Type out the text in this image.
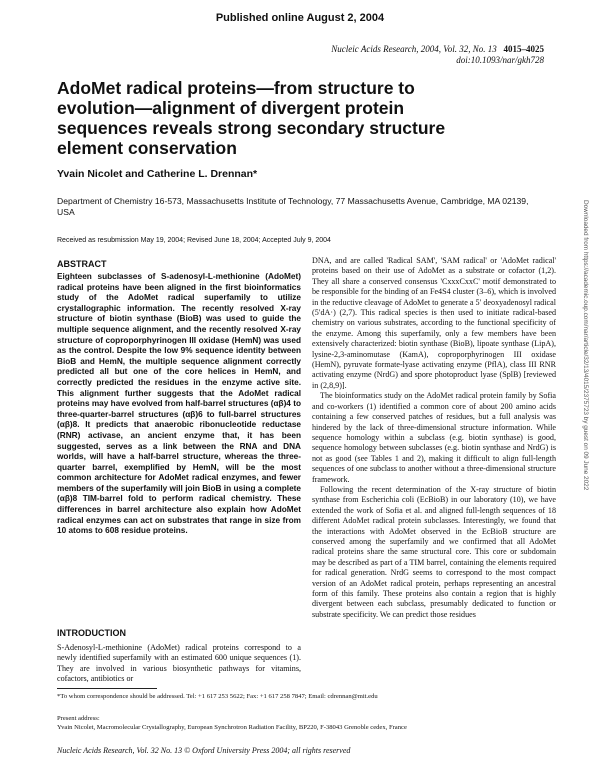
Published online August 2, 2004
Nucleic Acids Research, 2004, Vol. 32, No. 13 4015–4025
doi:10.1093/nar/gkh728
AdoMet radical proteins—from structure to evolution—alignment of divergent protein sequences reveals strong secondary structure element conservation
Yvain Nicolet and Catherine L. Drennan*
Department of Chemistry 16-573, Massachusetts Institute of Technology, 77 Massachusetts Avenue, Cambridge, MA 02139, USA
Received as resubmission May 19, 2004; Revised June 18, 2004; Accepted July 9, 2004
ABSTRACT
Eighteen subclasses of S-adenosyl-L-methionine (AdoMet) radical proteins have been aligned in the first bioinformatics study of the AdoMet radical superfamily to utilize crystallographic information. The recently resolved X-ray structure of biotin synthase (BioB) was used to guide the multiple sequence alignment, and the recently resolved X-ray structure of coproporphyrinogen III oxidase (HemN) was used as the control. Despite the low 9% sequence identity between BioB and HemN, the multiple sequence alignment correctly predicted all but one of the core helices in HemN, and correctly predicted the residues in the enzyme active site. This alignment further suggests that the AdoMet radical proteins may have evolved from half-barrel structures (αβ)4 to three-quarter-barrel structures (αβ)6 to full-barrel structures (αβ)8. It predicts that anaerobic ribonucleotide reductase (RNR) activase, an ancient enzyme that, it has been suggested, serves as a link between the RNA and DNA worlds, will have a half-barrel structure, whereas the three-quarter barrel, exemplified by HemN, will be the most common architecture for AdoMet radical enzymes, and fewer members of the superfamily will join BioB in using a complete (αβ)8 TIM-barrel fold to perform radical chemistry. These differences in barrel architecture also explain how AdoMet radical enzymes can act on substrates that range in size from 10 atoms to 608 residue proteins.
INTRODUCTION
S-Adenosyl-L-methionine (AdoMet) radical proteins correspond to a newly identified superfamily with an estimated 600 unique sequences (1). They are involved in various biosynthetic pathways for vitamins, cofactors, antibiotics or

DNA, and are called 'Radical SAM', 'SAM radical' or 'AdoMet radical' proteins based on their use of AdoMet as a substrate or cofactor (1,2). They all share a conserved consensus 'CxxxCxxC' motif demonstrated to be responsible for the binding of an Fe4S4 cluster (3–6), which is involved in the reductive cleavage of AdoMet to generate a 5′ deoxyadenosyl radical (5′dA·) (2,7). This radical species is then used to initiate radical-based chemistry on various substrates, according to the functional specificity of the enzyme. Among this superfamily, only a few members have been extensively characterized: biotin synthase (BioB), lipoate synthase (LipA), lysine-2,3-aminomutase (KamA), coproporphyrinogen III oxidase (HemN), pyruvate formate-lyase activating enzyme (PflA), class III RNR activating enzyme (NrdG) and spore photoproduct lyase (SplB) [reviewed in (2,8,9)].

The bioinformatics study on the AdoMet radical protein family by Sofia and co-workers (1) identified a common core of about 200 amino acids containing a few conserved patches of residues, but a full analysis was hindered by the lack of three-dimensional structure information. While sequence homology within a subclass (e.g. biotin synthase) is good, sequence homology between subclasses (e.g. biotin synthase and NrdG) is not as good (see Tables 1 and 2), making it difficult to align full-length sequences of one subclass to another without a three-dimensional structure framework.

Following the recent determination of the X-ray structure of biotin synthase from Escherichia coli (EcBioB) in our laboratory (10), we have extended the work of Sofia et al. and aligned full-length sequences of 18 different AdoMet radical protein subclasses. Interestingly, we found that the interactions with AdoMet observed in the EcBioB structure are conserved among the superfamily and we confirmed that all AdoMet radical proteins share the same structural core. This core or subdomain may be described as part of a TIM barrel, containing the elements required for radical generation. NrdG seems to correspond to the most compact version of an AdoMet radical protein, perhaps representing an ancestral form of this family. These proteins also contain a region that is highly divergent between each subclass, presumably dedicated to function or substrate specificity. We can predict those residues

*To whom correspondence should be addressed. Tel: +1 617 253 5622; Fax: +1 617 258 7847; Email: cdrennan@mit.edu
Present address:
Yvain Nicolet, Macromolecular Crystallography, European Synchrotron Radiation Facility, BP220, F-38043 Grenoble cedex, France
Nucleic Acids Research, Vol. 32 No. 13 © Oxford University Press 2004; all rights reserved
Downloaded from https://academic.oup.com/nar/article/32/13/4015/2375723 by guest on 09 June 2022
